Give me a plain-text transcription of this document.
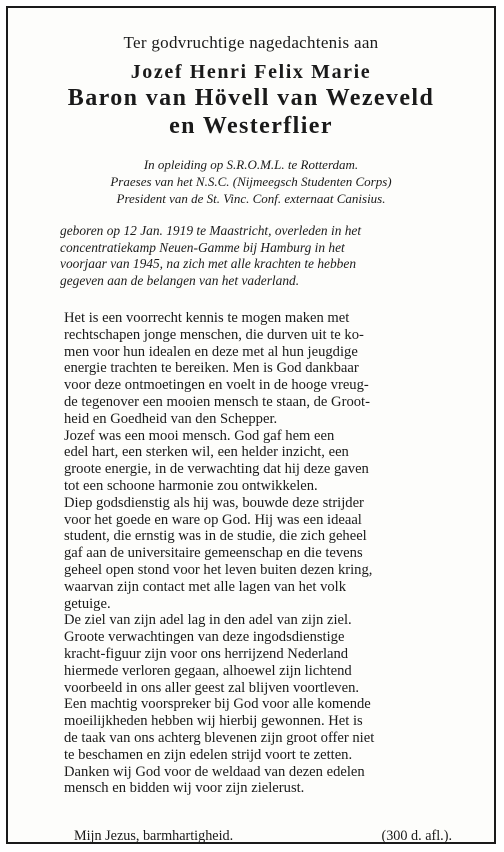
Ter godvruchtige nagedachtenis aan

Jozef Henri Felix Marie

Baron van Hövell van Wezeveld

en Westerflier

In opleiding op S.R.O.M.L. te Rotterdam.
Praeses van het N.S.C. (Nijmeegsch Studenten Corps)
President van de St. Vinc. Conf. externaat Canisius.
geboren op 12 Jan. 1919 te Maastricht, overleden in het
concentratiekamp Neuen-Gamme bij Hamburg in het
voorjaar van 1945, na zich met alle krachten te hebben
gegeven aan de belangen van het vaderland.
Het is een voorrecht kennis te mogen maken met
rechtschapen jonge menschen, die durven uit te ko-
men voor hun idealen en deze met al hun jeugdige
energie trachten te bereiken. Men is God dankbaar
voor deze ontmoetingen en voelt in de hooge vreug-
de tegenover een mooien mensch te staan, de Groot-
heid en Goedheid van den Schepper.
Jozef was een mooi mensch. God gaf hem een
edel hart, een sterken wil, een helder inzicht, een
groote energie, in de verwachting dat hij deze gaven
tot een schoone harmonie zou ontwikkelen.
Diep godsdienstig als hij was, bouwde deze strijder
voor het goede en ware op God. Hij was een ideaal
student, die ernstig was in de studie, die zich geheel
gaf aan de universitaire gemeenschap en die tevens
geheel open stond voor het leven buiten dezen kring,
waarvan zijn contact met alle lagen van het volk
getuige.
De ziel van zijn adel lag in den adel van zijn ziel.
Groote verwachtingen van deze ingodsdienstige
kracht-figuur zijn voor ons herrijzend Nederland
hiermede verloren gegaan, alhoewel zijn lichtend
voorbeeld in ons aller geest zal blijven voortleven.
Een machtig voorspreker bij God voor alle komende
moeilijkheden hebben wij hierbij gewonnen. Het is
de taak van ons achterg blevenen zijn groot offer niet
te beschamen en zijn edelen strijd voort te zetten.
Danken wij God voor de weldaad van dezen edelen
mensch en bidden wij voor zijn zielerust.
Mijn Jezus, barmhartigheid.	(300 d. afl.).
